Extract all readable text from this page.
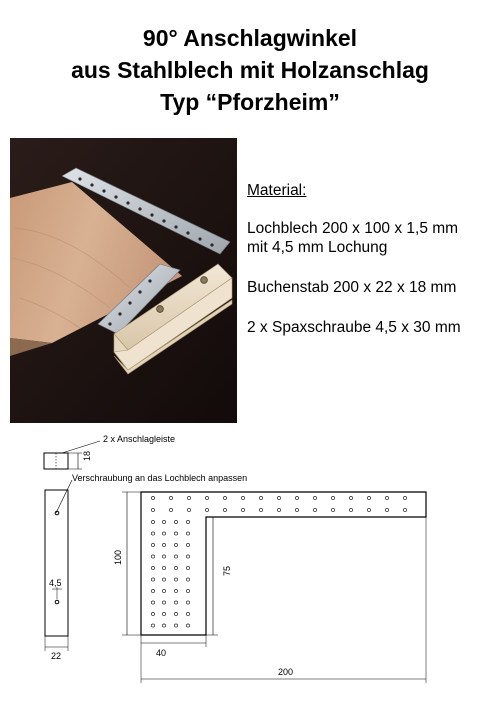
90° Anschlagwinkel
aus Stahlblech mit Holzanschlag
Typ “Pforzheim”
Material:
Lochblech 200 x 100 x 1,5 mm
mit 4,5 mm Lochung
Buchenstab 200 x 22 x 18 mm
2 x Spaxschraube 4,5 x 30 mm
2 x Anschlagleiste
Verschraubung an das Lochblech anpassen
18
4,5
22
100
75
40
200
